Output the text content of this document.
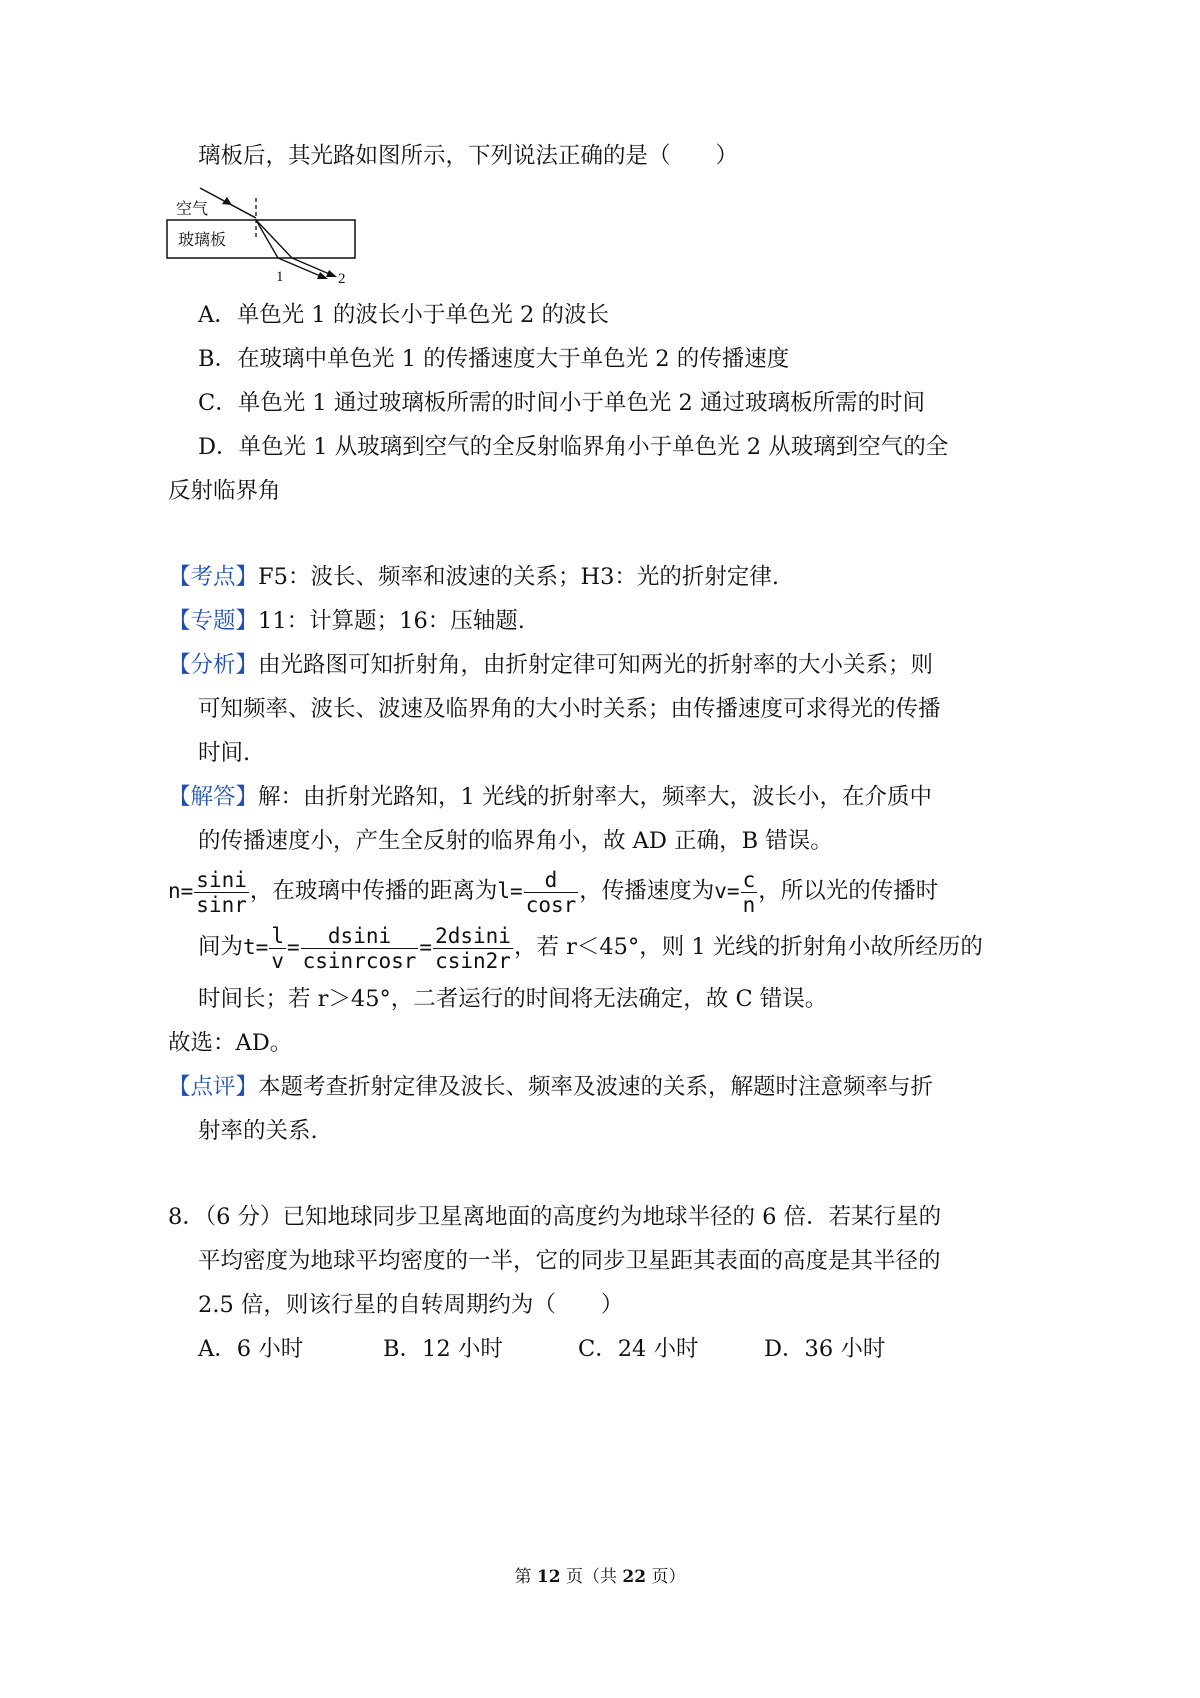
璃板后，其光路如图所示，下列说法正确的是（　　）
空气
玻璃板
1	2
A．单色光 1 的波长小于单色光 2 的波长
B．在玻璃中单色光 1 的传播速度大于单色光 2 的传播速度
C．单色光 1 通过玻璃板所需的时间小于单色光 2 通过玻璃板所需的时间
D．单色光 1 从玻璃到空气的全反射临界角小于单色光 2 从玻璃到空气的全
反射临界角
【考点】F5：波长、频率和波速的关系；H3：光的折射定律.
【专题】11：计算题；16：压轴题.
【分析】由光路图可知折射角，由折射定律可知两光的折射率的大小关系；则
可知频率、波长、波速及临界角的大小时关系；由传播速度可求得光的传播
时间.
【解答】解：由折射光路知，1 光线的折射率大，频率大，波长小，在介质中
的传播速度小，产生全反射的临界角小，故 AD 正确，B 错误。
$n= \frac{\sin i}{\sin r}$ ，在玻璃中传播的距离为$l= \frac{d}{\cos r}$ ，传播速度为$v= \frac{c}{n}$ ，所以光的传播时
间为$t= \frac{l}{v} = \frac{dsini}{\text{csinrcosr}} = \frac{2dsini}{csin2r}$ ，若 r＜45°，则 1 光线的折射角小故所经历的
时间长；若 r＞45°，二者运行的时间将无法确定，故 C 错误。
故选：AD。
【点评】本题考查折射定律及波长、频率及波速的关系，解题时注意频率与折
射率的关系.
8．（6 分）已知地球同步卫星离地面的高度约为地球半径的 6 倍．若某行星的
平均密度为地球平均密度的一半，它的同步卫星距其表面的高度是其半径的
2.5 倍，则该行星的自转周期约为（　　）
A．6 小时	B．12 小时	C．24 小时	D．36 小时
第 12 页（共 22 页）
